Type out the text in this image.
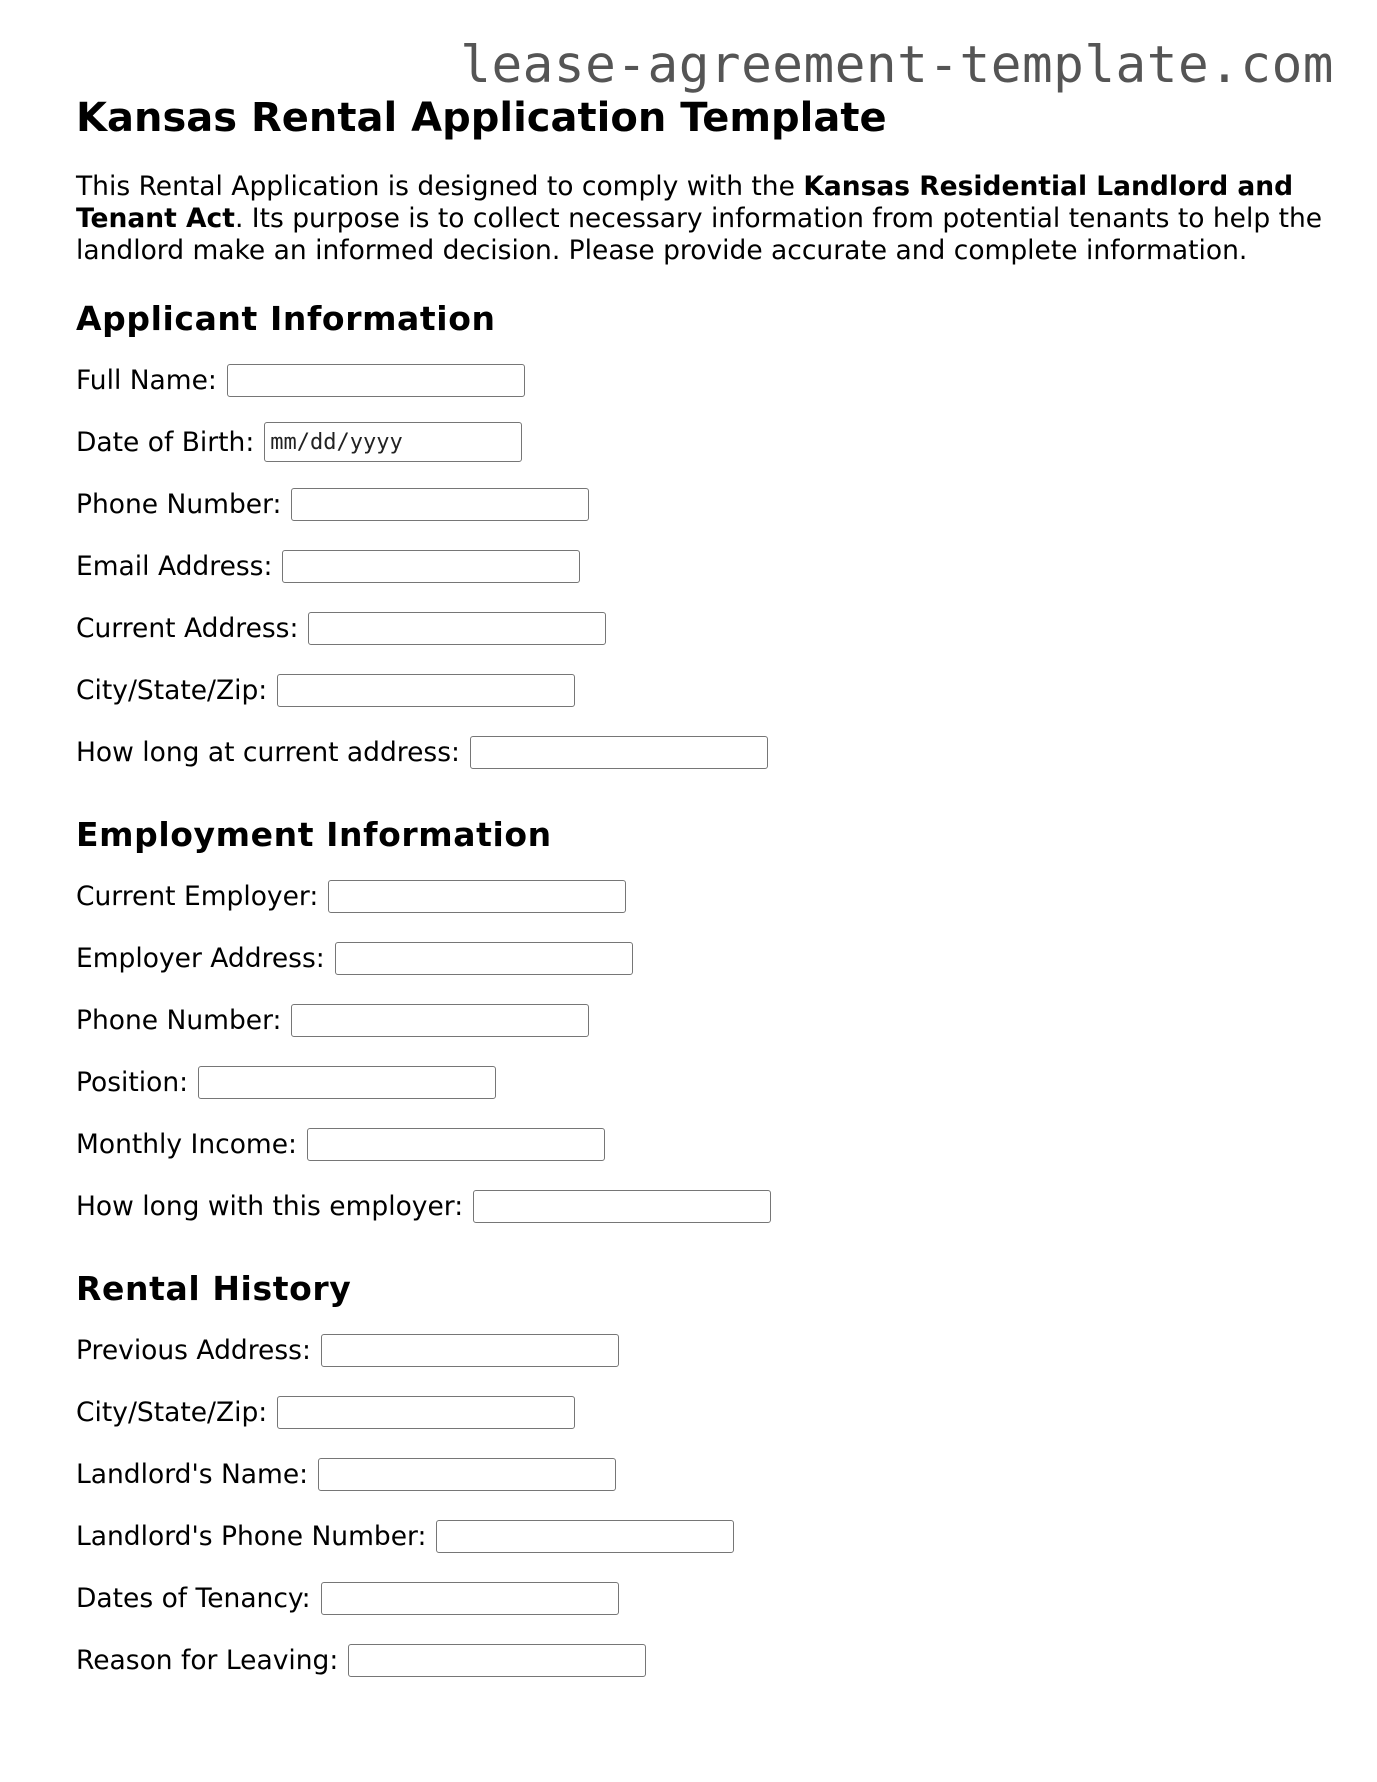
lease-agreement-template.com
Kansas Rental Application Template

This Rental Application is designed to comply with the Kansas Residential Landlord and Tenant Act. Its purpose is to collect necessary information from potential tenants to help the landlord make an informed decision. Please provide accurate and complete information.

Applicant Information
Full Name:
Date of Birth:
mm/dd/yyyy
Phone Number:
Email Address:
Current Address:
City/State/Zip:
How long at current address:
Employment Information
Current Employer:
Employer Address:
Phone Number:
Position:
Monthly Income:
How long with this employer:
Rental History
Previous Address:
City/State/Zip:
Landlord's Name:
Landlord's Phone Number:
Dates of Tenancy:
Reason for Leaving:
